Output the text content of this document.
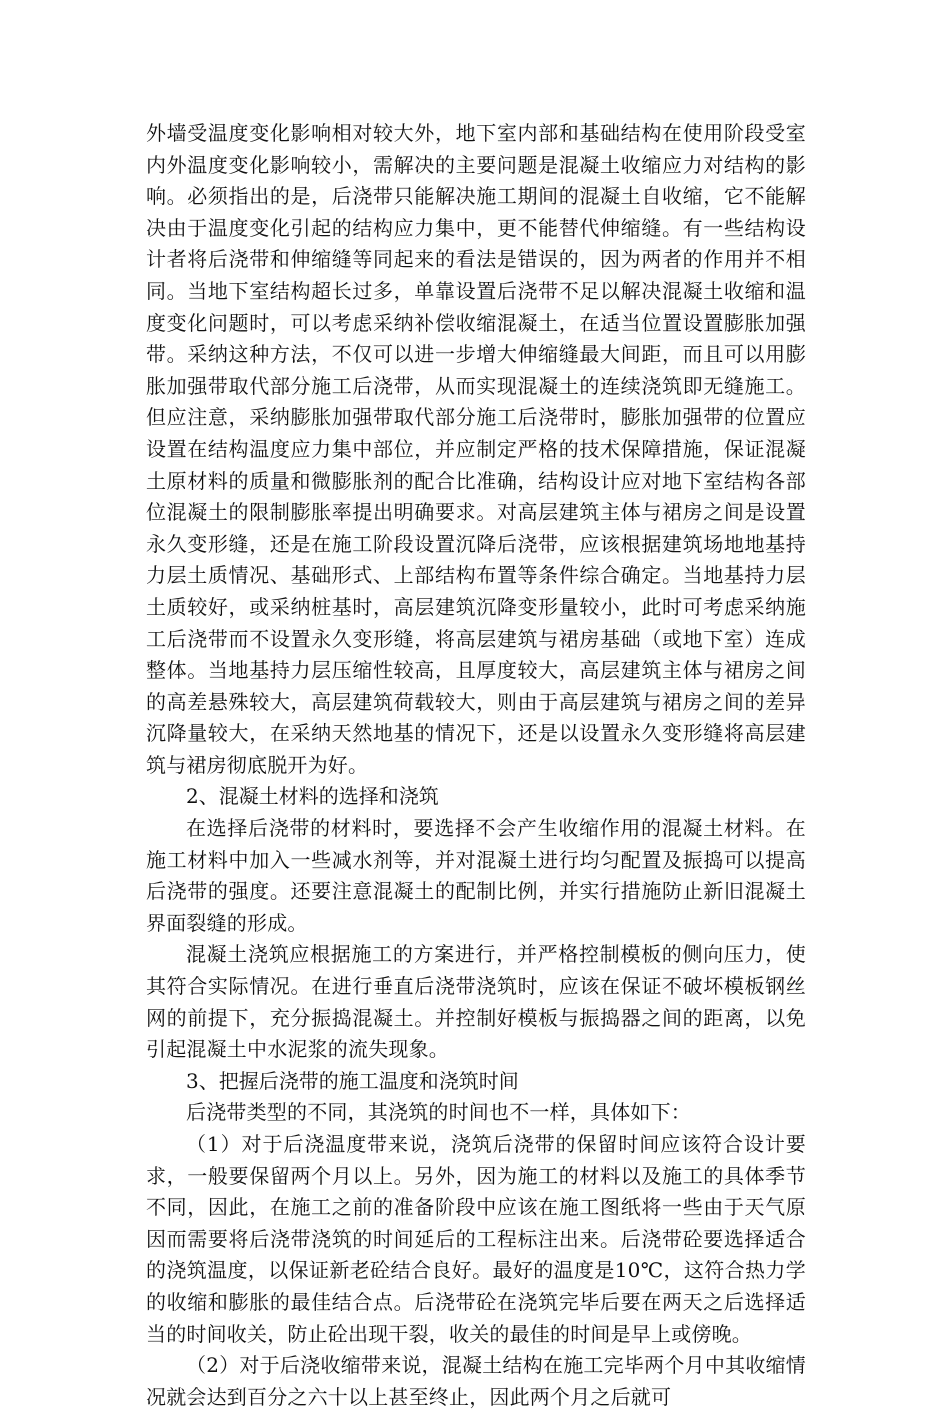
外墙受温度变化影响相对较大外，地下室内部和基础结构在使用阶段受室内外温度变化影响较小，需解决的主要问题是混凝土收缩应力对结构的影响。必须指出的是，后浇带只能解决施工期间的混凝土自收缩，它不能解决由于温度变化引起的结构应力集中，更不能替代伸缩缝。有一些结构设计者将后浇带和伸缩缝等同起来的看法是错误的，因为两者的作用并不相同。当地下室结构超长过多，单靠设置后浇带不足以解决混凝土收缩和温度变化问题时，可以考虑采纳补偿收缩混凝土，在适当位置设置膨胀加强带。采纳这种方法，不仅可以进一步增大伸缩缝最大间距，而且可以用膨胀加强带取代部分施工后浇带，从而实现混凝土的连续浇筑即无缝施工。但应注意，采纳膨胀加强带取代部分施工后浇带时，膨胀加强带的位置应设置在结构温度应力集中部位，并应制定严格的技术保障措施，保证混凝土原材料的质量和微膨胀剂的配合比准确，结构设计应对地下室结构各部位混凝土的限制膨胀率提出明确要求。对高层建筑主体与裙房之间是设置永久变形缝，还是在施工阶段设置沉降后浇带，应该根据建筑场地地基持力层土质情况、基础形式、上部结构布置等条件综合确定。当地基持力层土质较好，或采纳桩基时，高层建筑沉降变形量较小，此时可考虑采纳施工后浇带而不设置永久变形缝，将高层建筑与裙房基础（或地下室）连成整体。当地基持力层压缩性较高，且厚度较大，高层建筑主体与裙房之间的高差悬殊较大，高层建筑荷载较大，则由于高层建筑与裙房之间的差异沉降量较大，在采纳天然地基的情况下，还是以设置永久变形缝将高层建筑与裙房彻底脱开为好。

2、混凝土材料的选择和浇筑

在选择后浇带的材料时，要选择不会产生收缩作用的混凝土材料。在施工材料中加入一些减水剂等，并对混凝土进行均匀配置及振捣可以提高后浇带的强度。还要注意混凝土的配制比例，并实行措施防止新旧混凝土界面裂缝的形成。

混凝土浇筑应根据施工的方案进行，并严格控制模板的侧向压力，使其符合实际情况。在进行垂直后浇带浇筑时，应该在保证不破坏模板钢丝网的前提下，充分振捣混凝土。并控制好模板与振捣器之间的距离，以免引起混凝土中水泥浆的流失现象。

3、把握后浇带的施工温度和浇筑时间

后浇带类型的不同，其浇筑的时间也不一样，具体如下：

（1）对于后浇温度带来说，浇筑后浇带的保留时间应该符合设计要求，一般要保留两个月以上。另外，因为施工的材料以及施工的具体季节不同，因此，在施工之前的准备阶段中应该在施工图纸将一些由于天气原因而需要将后浇带浇筑的时间延后的工程标注出来。后浇带砼要选择适合的浇筑温度，以保证新老砼结合良好。最好的温度是10℃，这符合热力学的收缩和膨胀的最佳结合点。后浇带砼在浇筑完毕后要在两天之后选择适当的时间收关，防止砼出现干裂，收关的最佳的时间是早上或傍晚。

（2）对于后浇收缩带来说，混凝土结构在施工完毕两个月中其收缩情况就会达到百分之六十以上甚至终止，因此两个月之后就可
